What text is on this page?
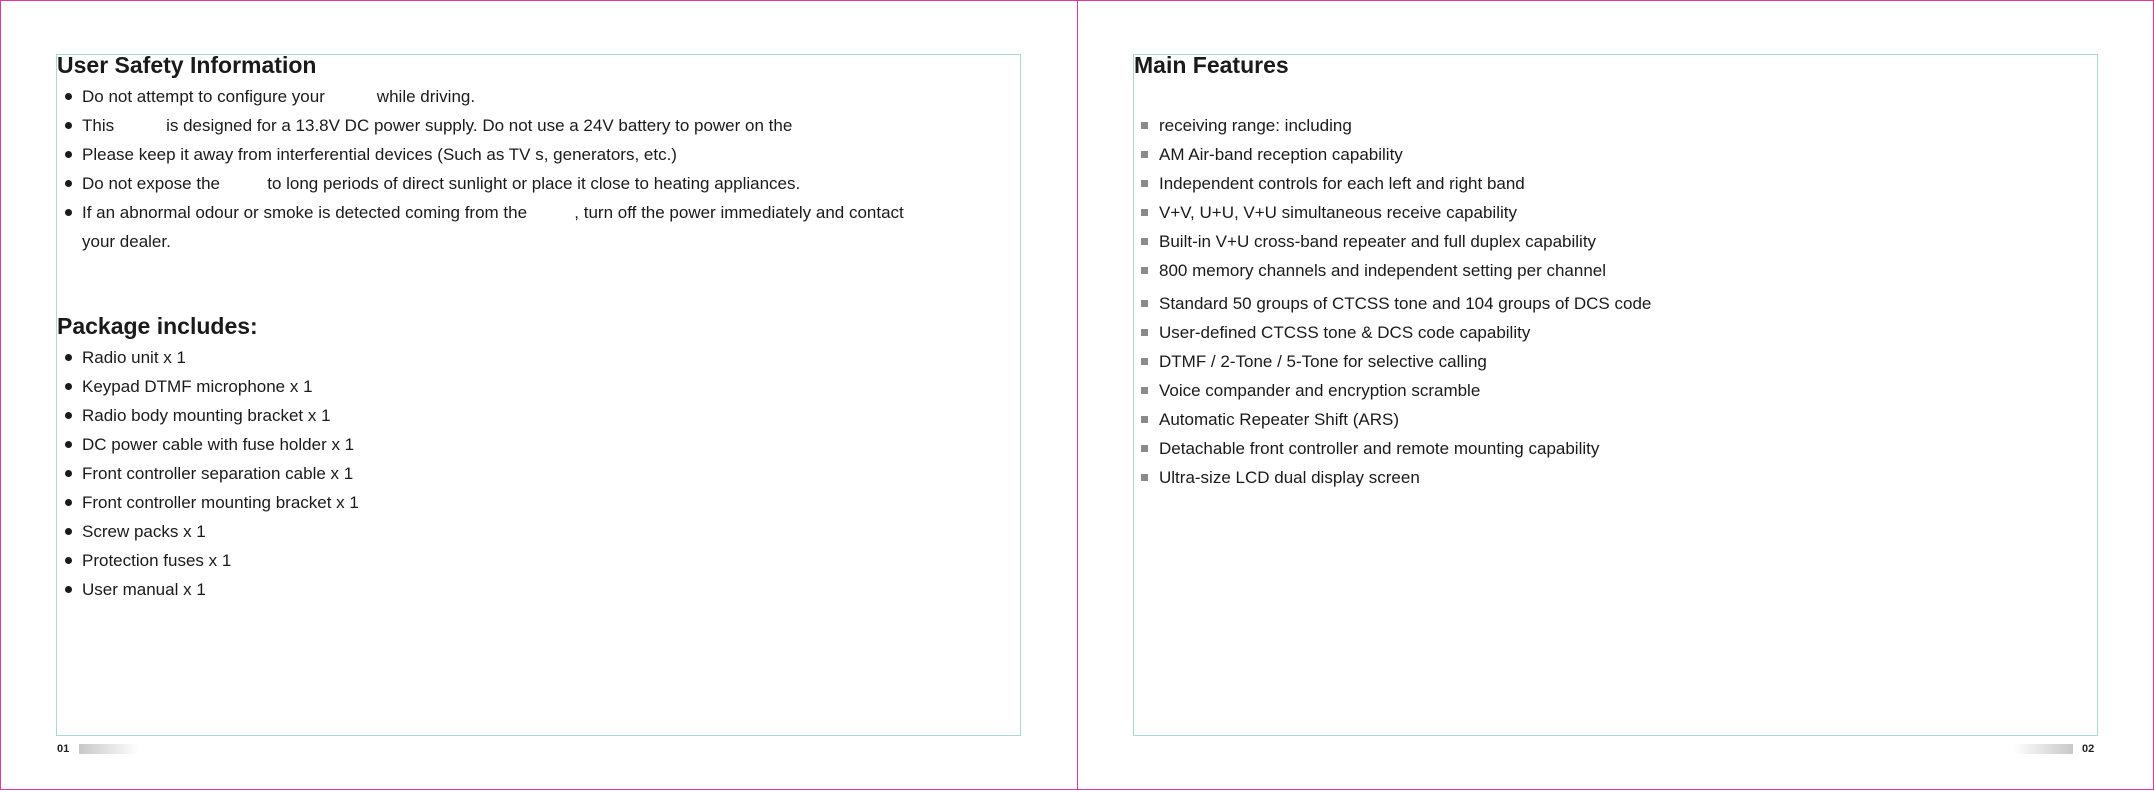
User Safety Information
Do not attempt to configure your           while driving.
This           is designed for a 13.8V DC power supply. Do not use a 24V battery to power on the
Please keep it away from interferential devices (Such as TV s, generators, etc.)
Do not expose the          to long periods of direct sunlight or place it close to heating appliances.
If an abnormal odour or smoke is detected coming from the          , turn off the power immediately and contact
your dealer.
Package includes:
Radio unit x 1
Keypad DTMF microphone x 1
Radio body mounting bracket x 1
DC power cable with fuse holder x 1
Front controller separation cable x 1
Front controller mounting bracket x 1
Screw packs x 1
Protection fuses x 1
User manual x 1
01
Main Features
receiving range: including
AM Air-band reception capability
Independent controls for each left and right band
V+V, U+U, V+U simultaneous receive capability
Built-in V+U cross-band repeater and full duplex capability
800 memory channels and independent setting per channel
Standard 50 groups of CTCSS tone and 104 groups of DCS code
User-defined CTCSS tone & DCS code capability
DTMF / 2-Tone / 5-Tone for selective calling
Voice compander and encryption scramble
Automatic Repeater Shift (ARS)
Detachable front controller and remote mounting capability
Ultra-size LCD dual display screen
02
